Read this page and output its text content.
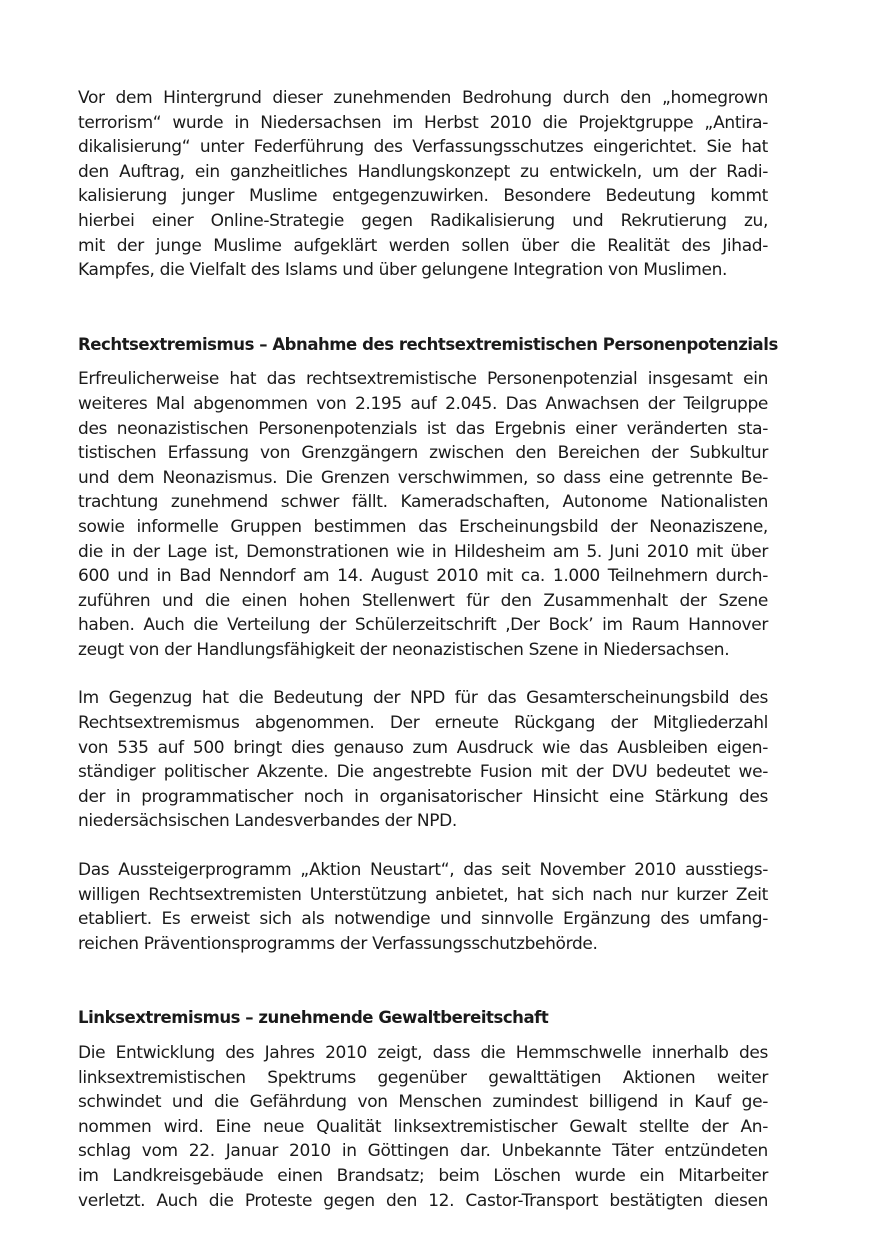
Vor dem Hintergrund dieser zunehmenden Bedrohung durch den „homegrown
terrorism“ wurde in Niedersachsen im Herbst 2010 die Projektgruppe „Antira-
dikalisierung“ unter Federführung des Verfassungsschutzes eingerichtet. Sie hat
den Auftrag, ein ganzheitliches Handlungskonzept zu entwickeln, um der Radi-
kalisierung junger Muslime entgegenzuwirken. Besondere Bedeutung kommt
hierbei einer Online-Strategie gegen Radikalisierung und Rekrutierung zu,
mit der junge Muslime aufgeklärt werden sollen über die Realität des Jihad-
Kampfes, die Vielfalt des Islams und über gelungene Integration von Muslimen.
Rechtsextremismus – Abnahme des rechtsextremistischen Personenpotenzials
Erfreulicherweise hat das rechtsextremistische Personenpotenzial insgesamt ein
weiteres Mal abgenommen von 2.195 auf 2.045. Das Anwachsen der Teilgruppe
des neonazistischen Personenpotenzials ist das Ergebnis einer veränderten sta-
tistischen Erfassung von Grenzgängern zwischen den Bereichen der Subkultur
und dem Neonazismus. Die Grenzen verschwimmen, so dass eine getrennte Be-
trachtung zunehmend schwer fällt. Kameradschaften, Autonome Nationalisten
sowie informelle Gruppen bestimmen das Erscheinungsbild der Neonaziszene,
die in der Lage ist, Demonstrationen wie in Hildesheim am 5. Juni 2010 mit über
600 und in Bad Nenndorf am 14. August 2010 mit ca. 1.000 Teilnehmern durch-
zuführen und die einen hohen Stellenwert für den Zusammenhalt der Szene
haben. Auch die Verteilung der Schülerzeitschrift ‚Der Bock’ im Raum Hannover
zeugt von der Handlungsfähigkeit der neonazistischen Szene in Niedersachsen.
Im Gegenzug hat die Bedeutung der NPD für das Gesamterscheinungsbild des
Rechtsextremismus abgenommen. Der erneute Rückgang der Mitgliederzahl
von 535 auf 500 bringt dies genauso zum Ausdruck wie das Ausbleiben eigen-
ständiger politischer Akzente. Die angestrebte Fusion mit der DVU bedeutet we-
der in programmatischer noch in organisatorischer Hinsicht eine Stärkung des
niedersächsischen Landesverbandes der NPD.
Das Aussteigerprogramm „Aktion Neustart“, das seit November 2010 ausstiegs-
willigen Rechtsextremisten Unterstützung anbietet, hat sich nach nur kurzer Zeit
etabliert. Es erweist sich als notwendige und sinnvolle Ergänzung des umfang-
reichen Präventionsprogramms der Verfassungsschutzbehörde.
Linksextremismus – zunehmende Gewaltbereitschaft
Die Entwicklung des Jahres 2010 zeigt, dass die Hemmschwelle innerhalb des
linksextremistischen Spektrums gegenüber gewalttätigen Aktionen weiter
schwindet und die Gefährdung von Menschen zumindest billigend in Kauf ge-
nommen wird. Eine neue Qualität linksextremistischer Gewalt stellte der An-
schlag vom 22. Januar 2010 in Göttingen dar. Unbekannte Täter entzündeten
im Landkreisgebäude einen Brandsatz; beim Löschen wurde ein Mitarbeiter
verletzt. Auch die Proteste gegen den 12. Castor-Transport bestätigten diesen
